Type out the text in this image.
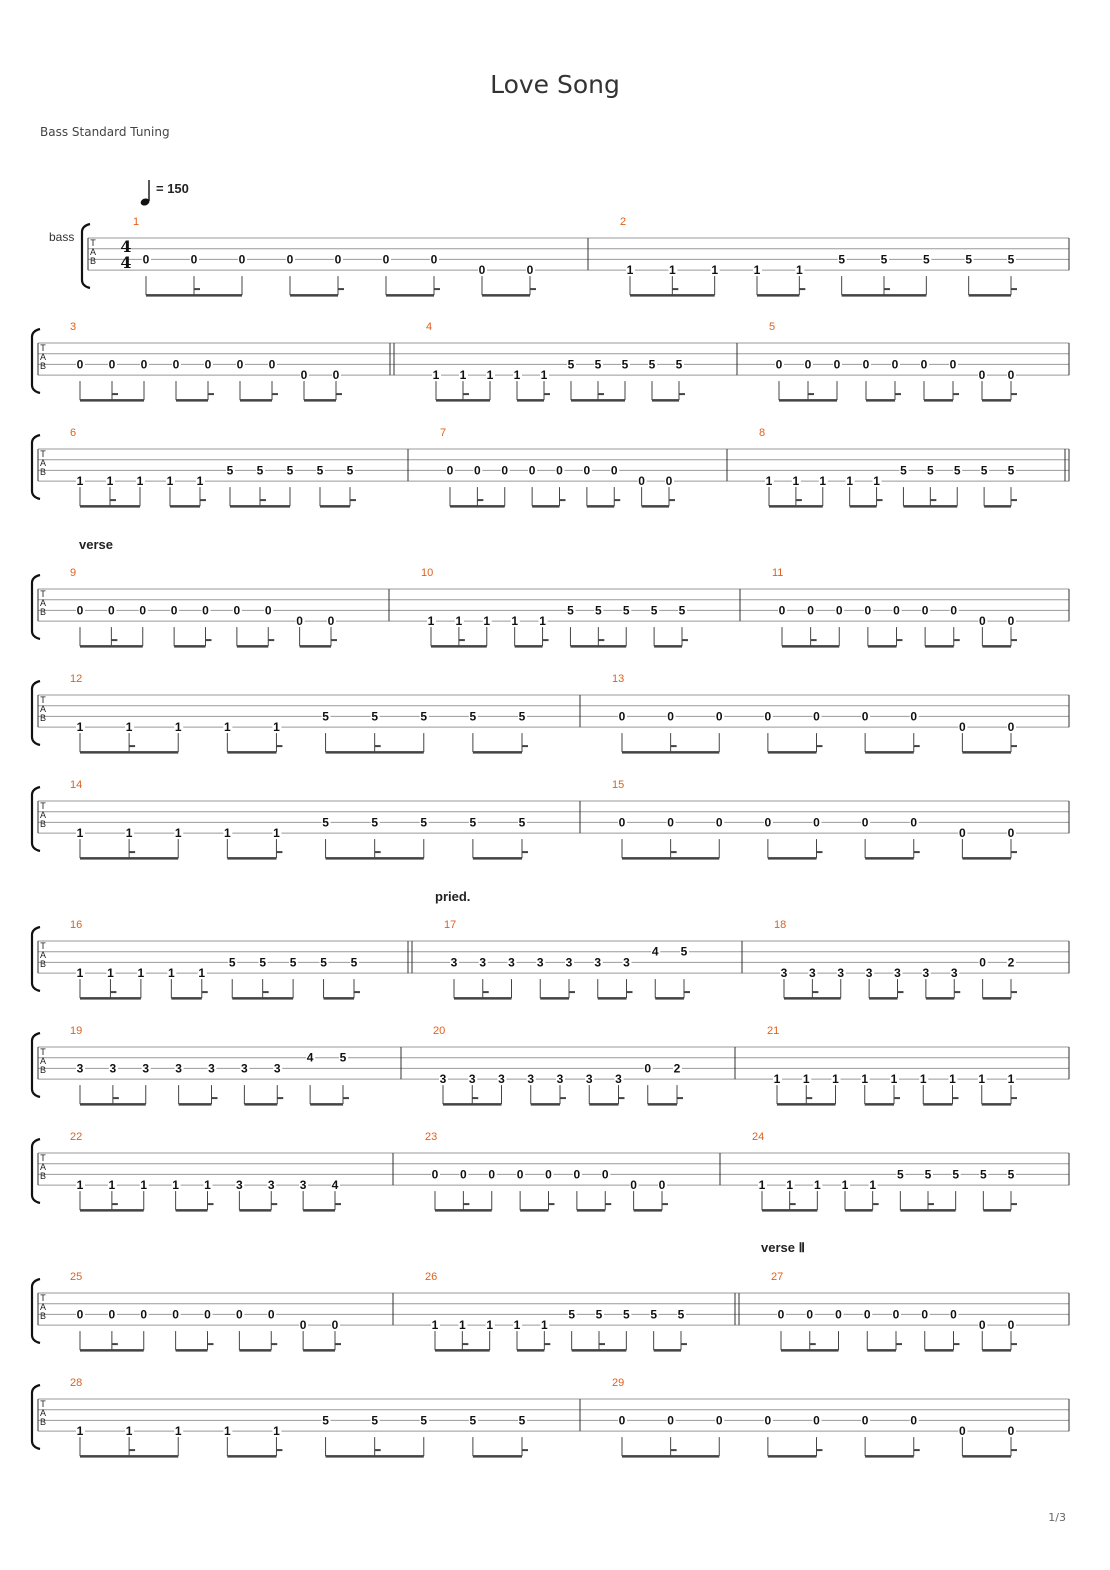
Love Song
Bass Standard Tuning
T
A
B
1
0	0	0	0	0	0	0
0	0
2
1	1	1	1	1
5	5	5	5	5
T
A
B
3
0 0 0 0 0 0 0
0 0
4
1 1 1 1 1
5 5 5 5 5
5
0 0 0 0 0 0 0
0 0
T
A
B
6
1 1 1 1 1
5 5 5 5 5
7
0 0 0 0 0 0 0
0 0
8
1 1 1 1 1
5 5 5 5 5
T
A
B
9
0 0 0 0 0 0 0
0 0
10
1 1 1 1 1
5 5 5 5 5
11
0 0 0 0 0 0 0
0 0
T
A
B
12
1	1	1	1	1
5	5	5	5	5
13
0	0	0	0	0	0	0
0	0
T
A
B
14
1	1	1	1	1
5	5	5	5	5
15
0	0	0	0	0	0	0
0	0
T
A
B
16
1 1 1 1 1
5 5 5 5 5
17
3 3 3 3 3 3 3
4 5
18
3 3 3 3 3 3 3
0 2
T
A
B
19
3 3 3 3 3 3 3
4 5
20
3 3 3 3 3 3 3
0 2
21
1 1 1 1 1 1 1 1 1
T
A
B
22
1 1 1 1 1 3 3 3 4
23
0 0 0 0 0 0 0
0 0
24
1 1 1 1 1
5 5 5 5 5
T
A
B
25
0 0 0 0 0 0 0
0 0
26
1 1 1 1 1
5 5 5 5 5
27
0 0 0 0 0 0 0
0 0
T
A
B
28
1	1	1	1	1
5	5	5	5	5
29
0	0	0	0	0	0	0
0	0
4
4
bass
= 150
verse
pried.
verse Ⅱ
1/3
